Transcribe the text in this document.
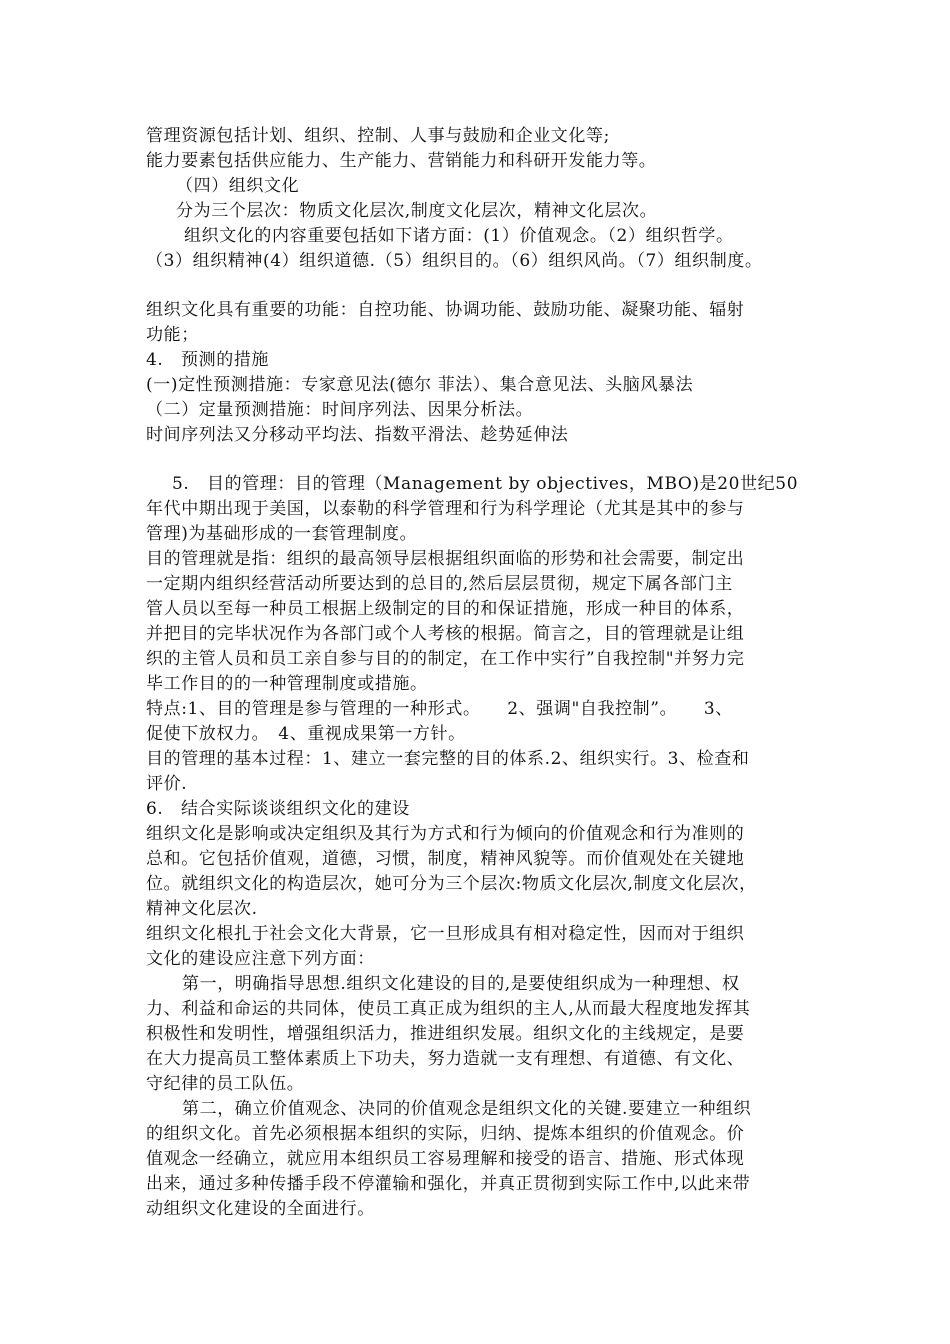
管理资源包括计划、组织、控制、人事与鼓励和企业文化等;
能力要素包括供应能力、生产能力、营销能力和科研开发能力等。
（四）组织文化
分为三个层次：物质文化层次,制度文化层次，精神文化层次。
组织文化的内容重要包括如下诸方面：(1）价值观念。（2）组织哲学。
（3）组织精神(4）组织道德.（5）组织目的。（6）组织风尚。（7）组织制度。
组织文化具有重要的功能：自控功能、协调功能、鼓励功能、凝聚功能、辐射
功能；
4.　预测的措施
(一)定性预测措施：专家意见法(德尔 菲法）、集合意见法、头脑风暴法
（二）定量预测措施：时间序列法、因果分析法。
时间序列法又分移动平均法、指数平滑法、趁势延伸法
5.　目的管理：目的管理（Management by objectives，MBO)是20世纪50
年代中期出现于美国，以泰勒的科学管理和行为科学理论（尤其是其中的参与
管理)为基础形成的一套管理制度。
目的管理就是指：组织的最高领导层根据组织面临的形势和社会需要，制定出
一定期内组织经营活动所要达到的总目的,然后层层贯彻，规定下属各部门主
管人员以至每一种员工根据上级制定的目的和保证措施，形成一种目的体系，
并把目的完毕状况作为各部门或个人考核的根据。简言之，目的管理就是让组
织的主管人员和员工亲自参与目的的制定，在工作中实行”自我控制"并努力完
毕工作目的的一种管理制度或措施。
特点:1、目的管理是参与管理的一种形式。　　2、强调"自我控制”。　　3、
促使下放权力。　4、重视成果第一方针。
目的管理的基本过程：1、建立一套完整的目的体系.2、组织实行。3、检查和
评价.
6.　结合实际谈谈组织文化的建设
组织文化是影响或决定组织及其行为方式和行为倾向的价值观念和行为准则的
总和。它包括价值观，道德，习惯，制度，精神风貌等。而价值观处在关键地
位。就组织文化的构造层次，她可分为三个层次:物质文化层次,制度文化层次，
精神文化层次.
组织文化根扎于社会文化大背景，它一旦形成具有相对稳定性，因而对于组织
文化的建设应注意下列方面：
第一，明确指导思想.组织文化建设的目的,是要使组织成为一种理想、权
力、利益和命运的共同体，使员工真正成为组织的主人,从而最大程度地发挥其
积极性和发明性，增强组织活力，推进组织发展。组织文化的主线规定，是要
在大力提高员工整体素质上下功夫，努力造就一支有理想、有道德、有文化、
守纪律的员工队伍。
第二，确立价值观念、决同的价值观念是组织文化的关键.要建立一种组织
的组织文化。首先必须根据本组织的实际，归纳、提炼本组织的价值观念。价
值观念一经确立，就应用本组织员工容易理解和接受的语言、措施、形式体现
出来，通过多种传播手段不停灌输和强化，并真正贯彻到实际工作中,以此来带
动组织文化建设的全面进行。
